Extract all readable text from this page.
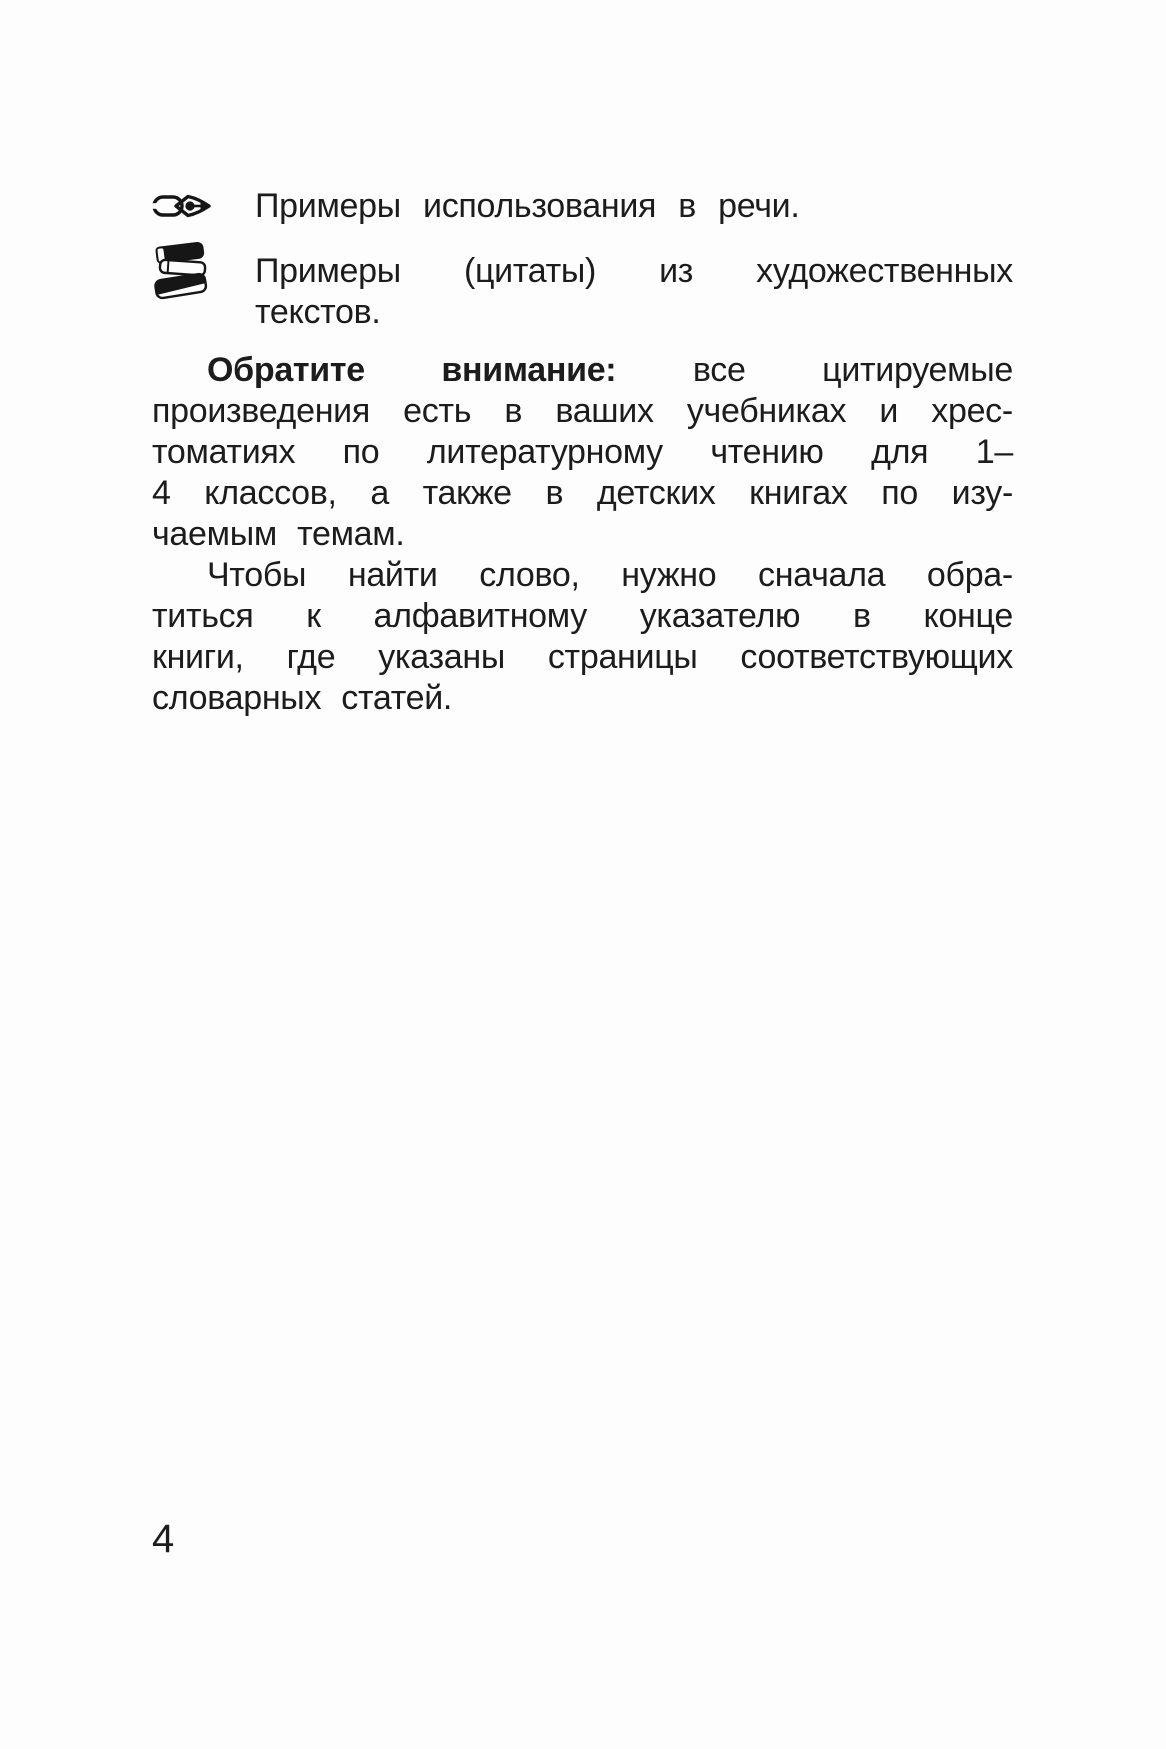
Примеры использования в речи.
Примеры (цитаты) из художественных
текстов.
Обратите внимание: все цитируемые
произведения есть в ваших учебниках и хрес-
томатиях по литературному чтению для 1–
4 классов, а также в детских книгах по изу-
чаемым темам.
Чтобы найти слово, нужно сначала обра-
титься к алфавитному указателю в конце
книги, где указаны страницы соответствующих
словарных статей.
4
